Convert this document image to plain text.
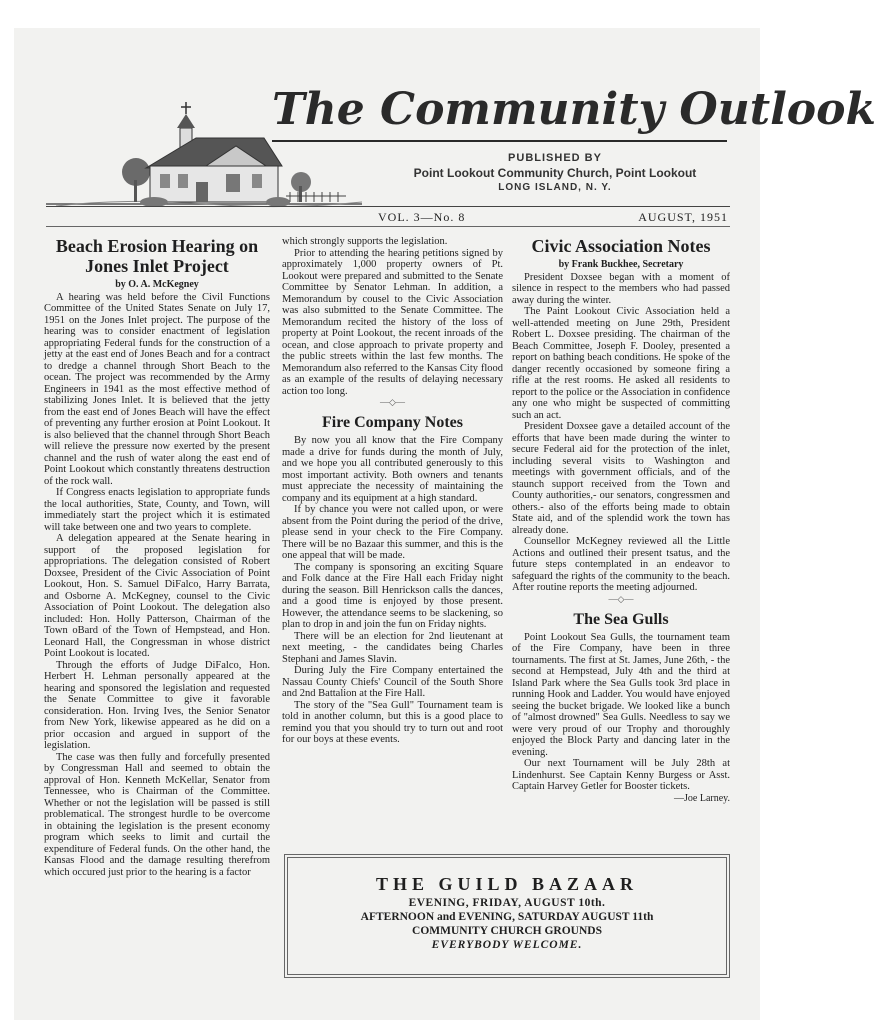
The Community Outlook
PUBLISHED BY
Point Lookout Community Church, Point Lookout
LONG ISLAND, N. Y.
VOL. 3—No. 8	AUGUST, 1951
Beach Erosion Hearing on Jones Inlet Project
by O. A. McKegney

A hearing was held before the Civil Functions Committee of the United States Senate on July 17, 1951 on the Jones Inlet project. The purpose of the hearing was to consider enactment of legislation appropriating Federal funds for the construction of a jetty at the east end of Jones Beach and for a contract to dredge a channel through Short Beach to the ocean. The project was recommended by the Army Engineers in 1941 as the most effective method of stabilizing Jones Inlet. It is believed that the jetty from the east end of Jones Beach will have the effect of preventing any further erosion at Point Lookout. It is also believed that the channel through Short Beach will relieve the pressure now exerted by the present channel and the rush of water along the east end of Point Lookout which constantly threatens destruction of the rock wall.

If Congress enacts legislation to appropriate funds the local authorities, State, County, and Town, will immediately start the project which it is estimated will take between one and two years to complete.

A delegation appeared at the Senate hearing in support of the proposed legislation for appropriations. The delegation consisted of Robert Doxsee, President of the Civic Association of Point Lookout, Hon. S. Samuel DiFalco, Harry Barrata, and Osborne A. McKegney, counsel to the Civic Association of Point Lookout. The delegation also included: Hon. Holly Patterson, Chairman of the Town oBard of the Town of Hempstead, and Hon. Leonard Hall, the Congressman in whose district Point Lookout is located.

Through the efforts of Judge DiFalco, Hon. Herbert H. Lehman personally appeared at the hearing and sponsored the legislation and requested the Senate Committee to give it favorable consideration. Hon. Irving Ives, the Senior Senator from New York, likewise appeared as he did on a prior occasion and argued in support of the legislation.

The case was then fully and forcefully presented by Congressman Hall and seemed to obtain the approval of Hon. Kenneth McKellar, Senator from Tennessee, who is Chairman of the Committee. Whether or not the legislation will be passed is still problematical. The strongest hurdle to be overcome in obtaining the legislation is the present economy program which seeks to limit and curtail the expenditure of Federal funds. On the other hand, the Kansas Flood and the damage resulting therefrom which occured just prior to the hearing is a factor

which strongly supports the legislation.

Prior to attending the hearing petitions signed by approximately 1,000 property owners of Pt. Lookout were prepared and submitted to the Senate Committee by Senator Lehman. In addition, a Memorandum by cousel to the Civic Association was also submitted to the Senate Committee. The Memorandum recited the history of the loss of property at Point Lookout, the recent inroads of the ocean, and close approach to private property and the public streets within the last few months. The Memorandum also referred to the Kansas City flood as an example of the results of delaying necessary action too long.

—◇—
Fire Company Notes

By now you all know that the Fire Company made a drive for funds during the month of July, and we hope you all contributed generously to this most important activity. Both owners and tenants must appreciate the necessity of maintaining the company and its equipment at a high standard.

If by chance you were not called upon, or were absent from the Point during the period of the drive, please send in your check to the Fire Company. There will be no Bazaar this summer, and this is the one appeal that will be made.

The company is sponsoring an exciting Square and Folk dance at the Fire Hall each Friday night during the season. Bill Henrickson calls the dances, and a good time is enjoyed by those present. However, the attendance seems to be slackening, so plan to drop in and join the fun on Friday nights.

There will be an election for 2nd lieutenant at next meeting, - the candidates being Charles Stephani and James Slavin.

During July the Fire Company entertained the Nassau County Chiefs' Council of the South Shore and 2nd Battalion at the Fire Hall.

The story of the "Sea Gull" Tournament team is told in another column, but this is a good place to remind you that you should try to turn out and root for our boys at these events.

Civic Association Notes
by Frank Buckhee, Secretary

President Doxsee began with a moment of silence in respect to the members who had passed away during the winter.

The Paint Lookout Civic Association held a well-attended meeting on June 29th, President Robert L. Doxsee presiding. The chairman of the Beach Committee, Joseph F. Dooley, presented a report on bathing beach conditions. He spoke of the danger recently occasioned by someone firing a rifle at the rest rooms. He asked all residents to report to the police or the Association in confidence any one who might be suspected of committing such an act.

President Doxsee gave a detailed account of the efforts that have been made during the winter to secure Federal aid for the protection of the inlet, including several visits to Washington and meetings with government officials, and of the staunch support received from the Town and County authorities,- our senators, congressmen and others.- also of the efforts being made to obtain State aid, and of the splendid work the town has already done.

Counsellor McKegney reviewed all the Little Actions and outlined their present tsatus, and the future steps contemplated in an endeavor to safeguard the rights of the community to the beach. After routine reports the meeting adjourned.

—◇—
The Sea Gulls

Point Lookout Sea Gulls, the tournament team of the Fire Company, have been in three tournaments. The first at St. James, June 26th, - the second at Hempstead, July 4th and the third at Island Park where the Sea Gulls took 3rd place in running Hook and Ladder. You would have enjoyed seeing the bucket brigade. We looked like a bunch of "almost drowned" Sea Gulls. Needless to say we were very proud of our Trophy and thoroughly enjoyed the Block Party and dancing later in the evening.

Our next Tournament will be July 28th at Lindenhurst. See Captain Kenny Burgess or Asst. Captain Harvey Getler for Booster tickets.

—Joe Larney.
THE GUILD BAZAAR
EVENING, FRIDAY, AUGUST 10th.
AFTERNOON and EVENING, SATURDAY AUGUST 11th
COMMUNITY CHURCH GROUNDS
EVERYBODY WELCOME.
